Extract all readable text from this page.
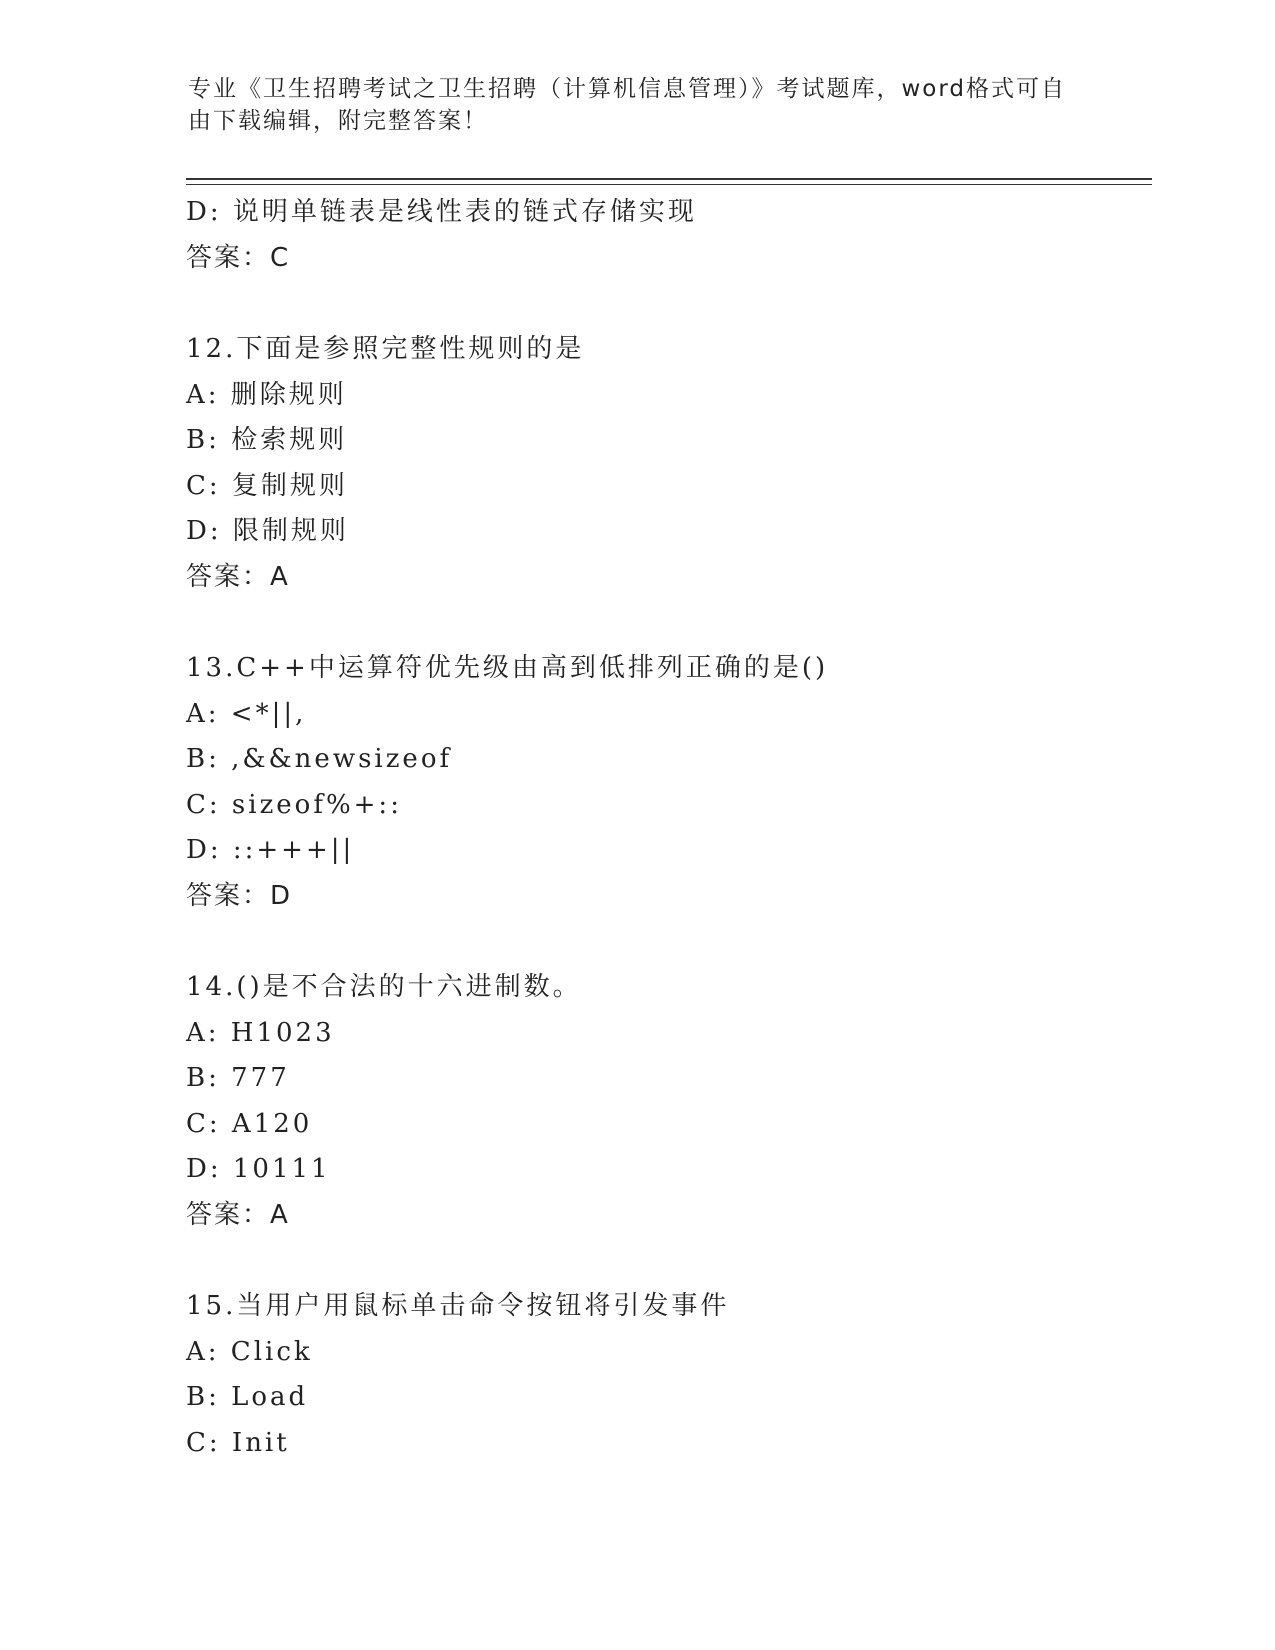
专业《卫生招聘考试之卫生招聘（计算机信息管理）》考试题库，word格式可自
由下载编辑，附完整答案！
D: 说明单链表是线性表的链式存储实现
答案：C
12.下面是参照完整性规则的是
A: 删除规则
B: 检索规则
C: 复制规则
D: 限制规则
答案：A
13.C++中运算符优先级由高到低排列正确的是()
A: <*||,
B: ,&&newsizeof
C: sizeof%+::
D: ::+++||
答案：D
14.()是不合法的十六进制数。
A: H1023
B: 777
C: A120
D: 10111
答案：A
15.当用户用鼠标单击命令按钮将引发事件
A: Click
B: Load
C: Init
